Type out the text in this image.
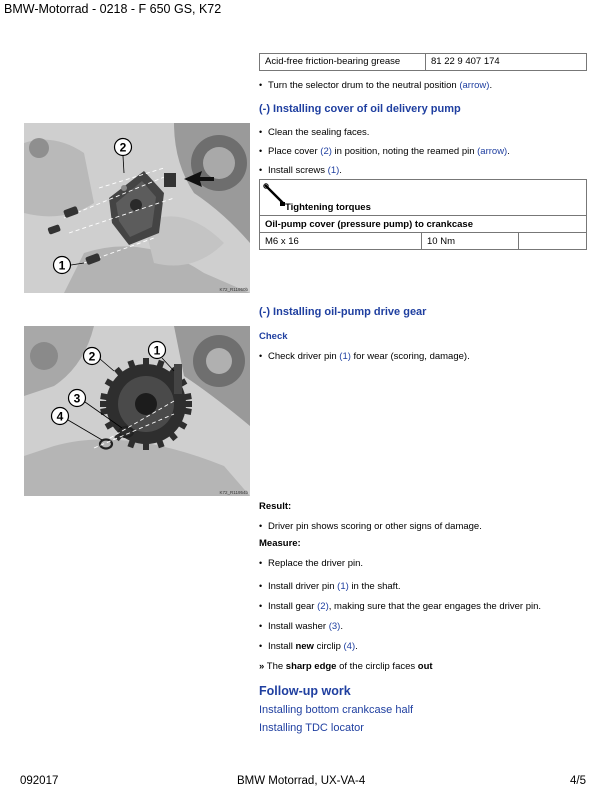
BMW-Motorrad - 0218 - F 650 GS, K72
Acid-free friction-bearing grease	81 22 9 407 174
• Turn the selector drum to the neutral position (arrow).
(-) Installing cover of oil delivery pump
• Clean the sealing faces.
• Place cover (2) in position, noting the reamed pin (arrow).
• Install screws (1).
Tightening torques
Oil-pump cover (pressure pump) to crankcase
M6 x 16	10 Nm	
2
1
K72_R11950b
(-) Installing oil-pump drive gear
Check
• Check driver pin (1) for wear (scoring, damage).
2	1
3
4
K72_R11954b
Result:
• Driver pin shows scoring or other signs of damage.
Measure:
• Replace the driver pin.
• Install driver pin (1) in the shaft.
• Install gear (2), making sure that the gear engages the driver pin.
• Install washer (3).
• Install new circlip (4).
» The sharp edge of the circlip faces out
Follow-up work
Installing bottom crankcase half
Installing TDC locator
092017	BMW Motorrad, UX-VA-4	4/5
